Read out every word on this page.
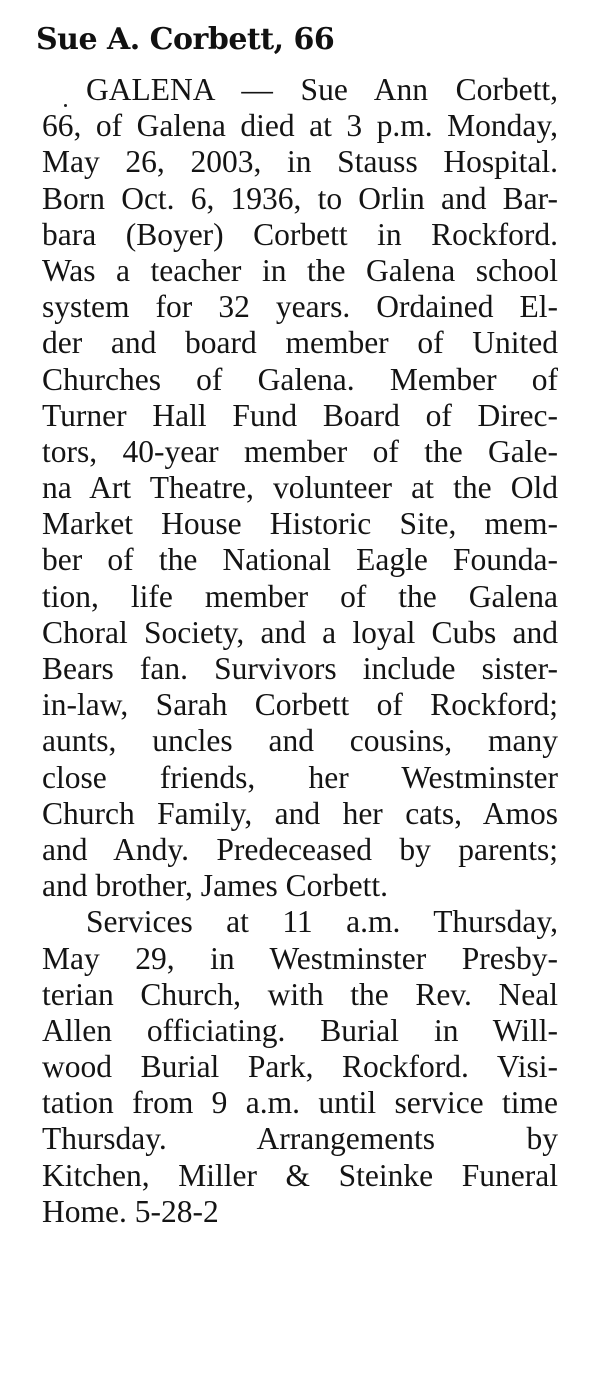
Sue A. Corbett, 66
GALENA — Sue Ann Corbett,
66, of Galena died at 3 p.m. Monday,
May 26, 2003, in Stauss Hospital.
Born Oct. 6, 1936, to Orlin and Bar-
bara (Boyer) Corbett in Rockford.
Was a teacher in the Galena school
system for 32 years. Ordained El-
der and board member of United
Churches of Galena. Member of
Turner Hall Fund Board of Direc-
tors, 40-year member of the Gale-
na Art Theatre, volunteer at the Old
Market House Historic Site, mem-
ber of the National Eagle Founda-
tion, life member of the Galena
Choral Society, and a loyal Cubs and
Bears fan. Survivors include sister-
in-law, Sarah Corbett of Rockford;
aunts, uncles and cousins, many
close friends, her Westminster
Church Family, and her cats, Amos
and Andy. Predeceased by parents;
and brother, James Corbett.
Services at 11 a.m. Thursday,
May 29, in Westminster Presby-
terian Church, with the Rev. Neal
Allen officiating. Burial in Will-
wood Burial Park, Rockford. Visi-
tation from 9 a.m. until service time
Thursday. Arrangements by
Kitchen, Miller & Steinke Funeral
Home. 5-28-2
